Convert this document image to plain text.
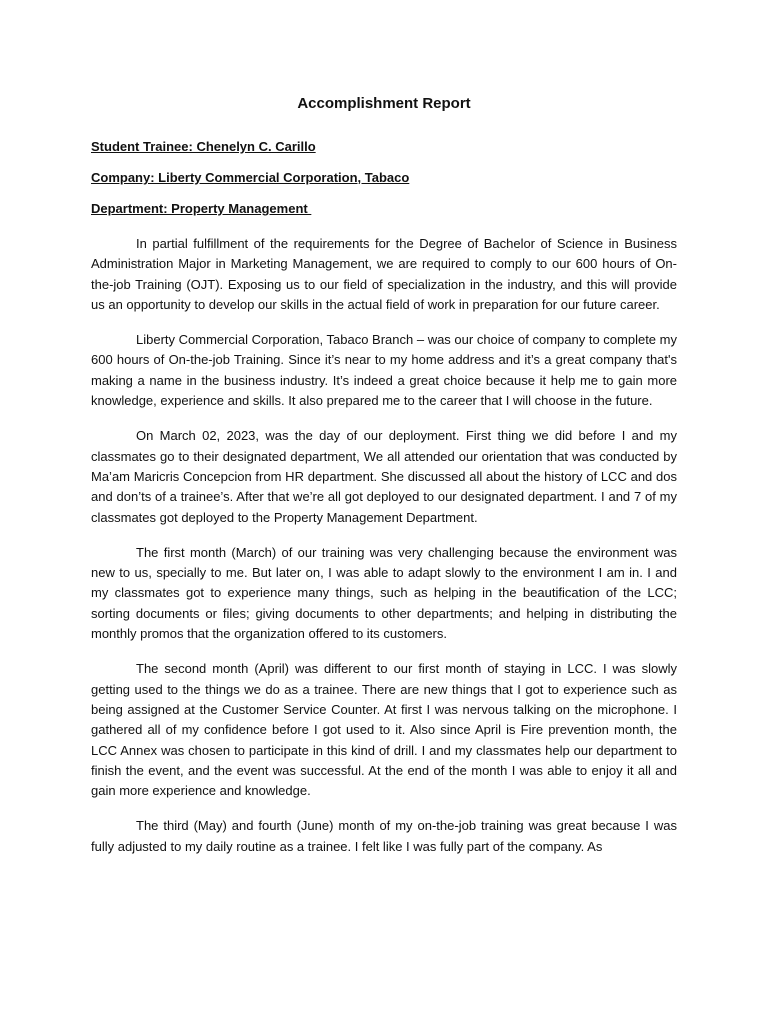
Accomplishment Report
Student Trainee: Chenelyn C. Carillo
Company: Liberty Commercial Corporation, Tabaco
Department: Property Management

In partial fulfillment of the requirements for the Degree of Bachelor of Science in Business Administration Major in Marketing Management, we are required to comply to our 600 hours of On-the-job Training (OJT). Exposing us to our field of specialization in the industry, and this will provide us an opportunity to develop our skills in the actual field of work in preparation for our future career.

Liberty Commercial Corporation, Tabaco Branch – was our choice of company to complete my 600 hours of On-the-job Training. Since it’s near to my home address and it’s a great company that's making a name in the business industry. It’s indeed a great choice because it help me to gain more knowledge, experience and skills. It also prepared me to the career that I will choose in the future.

On March 02, 2023, was the day of our deployment. First thing we did before I and my classmates go to their designated department, We all attended our orientation that was conducted by Ma’am Maricris Concepcion from HR department. She discussed all about the history of LCC and dos and don’ts of a trainee’s. After that we’re all got deployed to our designated department. I and 7 of my classmates got deployed to the Property Management Department.

The first month (March) of our training was very challenging because the environment was new to us, specially to me. But later on, I was able to adapt slowly to the environment I am in. I and my classmates got to experience many things, such as helping in the beautification of the LCC; sorting documents or files; giving documents to other departments; and helping in distributing the monthly promos that the organization offered to its customers.

The second month (April) was different to our first month of staying in LCC. I was slowly getting used to the things we do as a trainee. There are new things that I got to experience such as being assigned at the Customer Service Counter. At first I was nervous talking on the microphone. I gathered all of my confidence before I got used to it. Also since April is Fire prevention month, the LCC Annex was chosen to participate in this kind of drill. I and my classmates help our department to finish the event, and the event was successful. At the end of the month I was able to enjoy it all and gain more experience and knowledge.

The third (May) and fourth (June) month of my on-the-job training was great because I was fully adjusted to my daily routine as a trainee. I felt like I was fully part of the company. As
